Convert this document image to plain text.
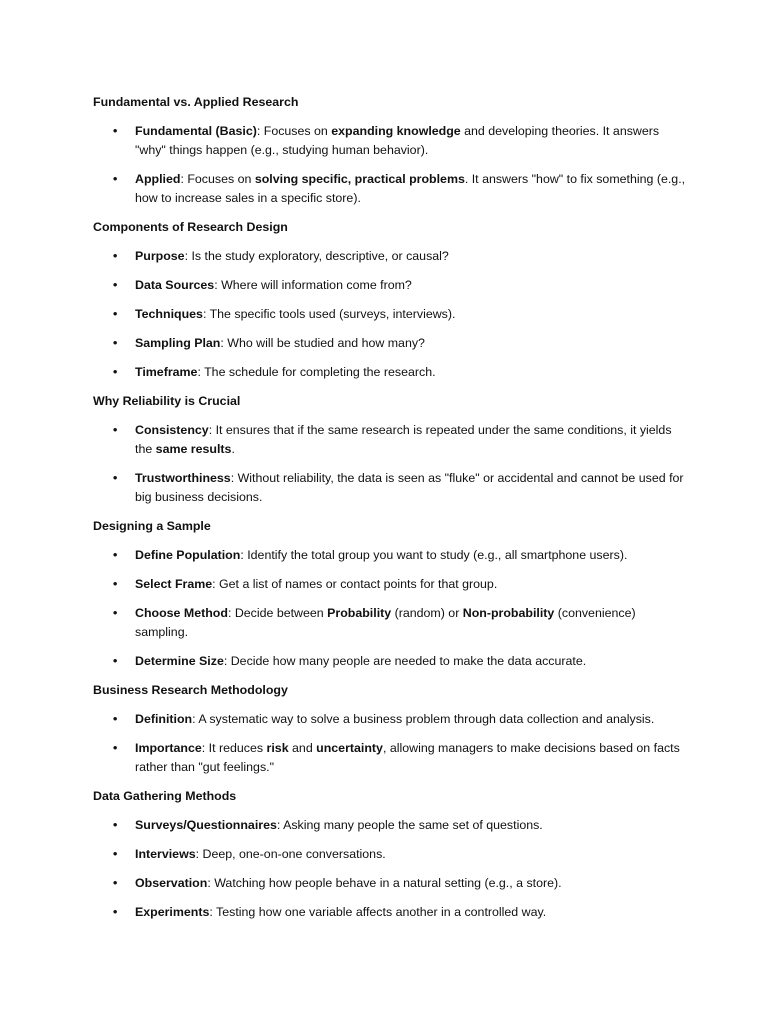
Fundamental vs. Applied Research

• Fundamental (Basic): Focuses on expanding knowledge and developing theories. It answers "why" things happen (e.g., studying human behavior).
• Applied: Focuses on solving specific, practical problems. It answers "how" to fix something (e.g., how to increase sales in a specific store).

Components of Research Design

• Purpose: Is the study exploratory, descriptive, or causal?
• Data Sources: Where will information come from?
• Techniques: The specific tools used (surveys, interviews).
• Sampling Plan: Who will be studied and how many?
• Timeframe: The schedule for completing the research.

Why Reliability is Crucial

• Consistency: It ensures that if the same research is repeated under the same conditions, it yields the same results.
• Trustworthiness: Without reliability, the data is seen as "fluke" or accidental and cannot be used for big business decisions.

Designing a Sample

• Define Population: Identify the total group you want to study (e.g., all smartphone users).
• Select Frame: Get a list of names or contact points for that group.
• Choose Method: Decide between Probability (random) or Non-probability (convenience) sampling.
• Determine Size: Decide how many people are needed to make the data accurate.

Business Research Methodology

• Definition: A systematic way to solve a business problem through data collection and analysis.
• Importance: It reduces risk and uncertainty, allowing managers to make decisions based on facts rather than "gut feelings."

Data Gathering Methods

• Surveys/Questionnaires: Asking many people the same set of questions.
• Interviews: Deep, one-on-one conversations.
• Observation: Watching how people behave in a natural setting (e.g., a store).
• Experiments: Testing how one variable affects another in a controlled way.
